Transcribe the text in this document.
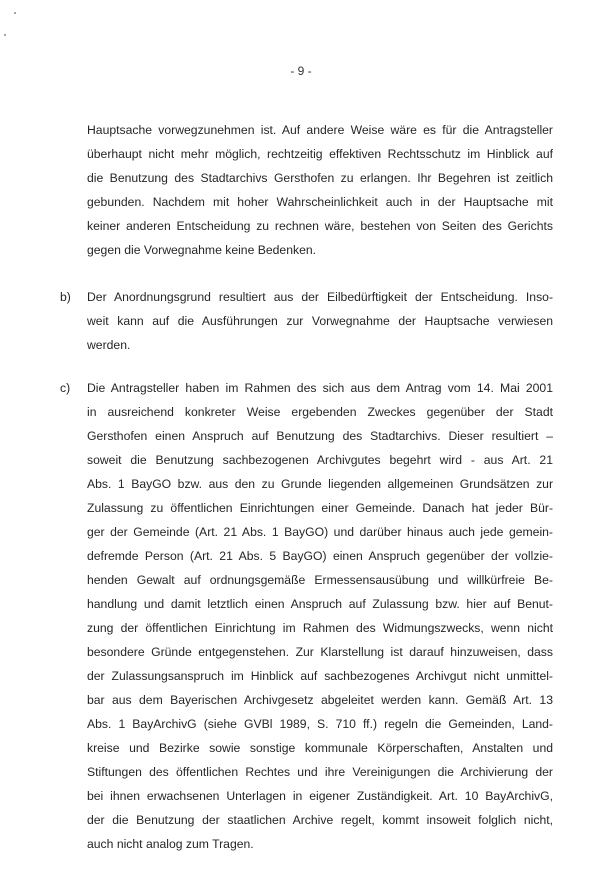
- 9 -
Hauptsache vorwegzunehmen ist. Auf andere Weise wäre es für die Antragsteller
überhaupt nicht mehr möglich, rechtzeitig effektiven Rechtsschutz im Hinblick auf
die Benutzung des Stadtarchivs Gersthofen zu erlangen. Ihr Begehren ist zeitlich
gebunden. Nachdem mit hoher Wahrscheinlichkeit auch in der Hauptsache mit
keiner anderen Entscheidung zu rechnen wäre, bestehen von Seiten des Gerichts
gegen die Vorwegnahme keine Bedenken.
b) Der Anordnungsgrund resultiert aus der Eilbedürftigkeit der Entscheidung. Inso-
weit kann auf die Ausführungen zur Vorwegnahme der Hauptsache verwiesen
werden.
c) Die Antragsteller haben im Rahmen des sich aus dem Antrag vom 14. Mai 2001
in ausreichend konkreter Weise ergebenden Zweckes gegenüber der Stadt
Gersthofen einen Anspruch auf Benutzung des Stadtarchivs. Dieser resultiert –
soweit die Benutzung sachbezogenen Archivgutes begehrt wird - aus Art. 21
Abs. 1 BayGO bzw. aus den zu Grunde liegenden allgemeinen Grundsätzen zur
Zulassung zu öffentlichen Einrichtungen einer Gemeinde. Danach hat jeder Bür-
ger der Gemeinde (Art. 21 Abs. 1 BayGO) und darüber hinaus auch jede gemein-
defremde Person (Art. 21 Abs. 5 BayGO) einen Anspruch gegenüber der vollzie-
henden Gewalt auf ordnungsgemäße Ermessensausübung und willkürfreie Be-
handlung und damit letztlich einen Anspruch auf Zulassung bzw. hier auf Benut-
zung der öffentlichen Einrichtung im Rahmen des Widmungszwecks, wenn nicht
besondere Gründe entgegenstehen. Zur Klarstellung ist darauf hinzuweisen, dass
der Zulassungsanspruch im Hinblick auf sachbezogenes Archivgut nicht unmittel-
bar aus dem Bayerischen Archivgesetz abgeleitet werden kann. Gemäß Art. 13
Abs. 1 BayArchivG (siehe GVBl 1989, S. 710 ff.) regeln die Gemeinden, Land-
kreise und Bezirke sowie sonstige kommunale Körperschaften, Anstalten und
Stiftungen des öffentlichen Rechtes und ihre Vereinigungen die Archivierung der
bei ihnen erwachsenen Unterlagen in eigener Zuständigkeit. Art. 10 BayArchivG,
der die Benutzung der staatlichen Archive regelt, kommt insoweit folglich nicht,
auch nicht analog zum Tragen.
